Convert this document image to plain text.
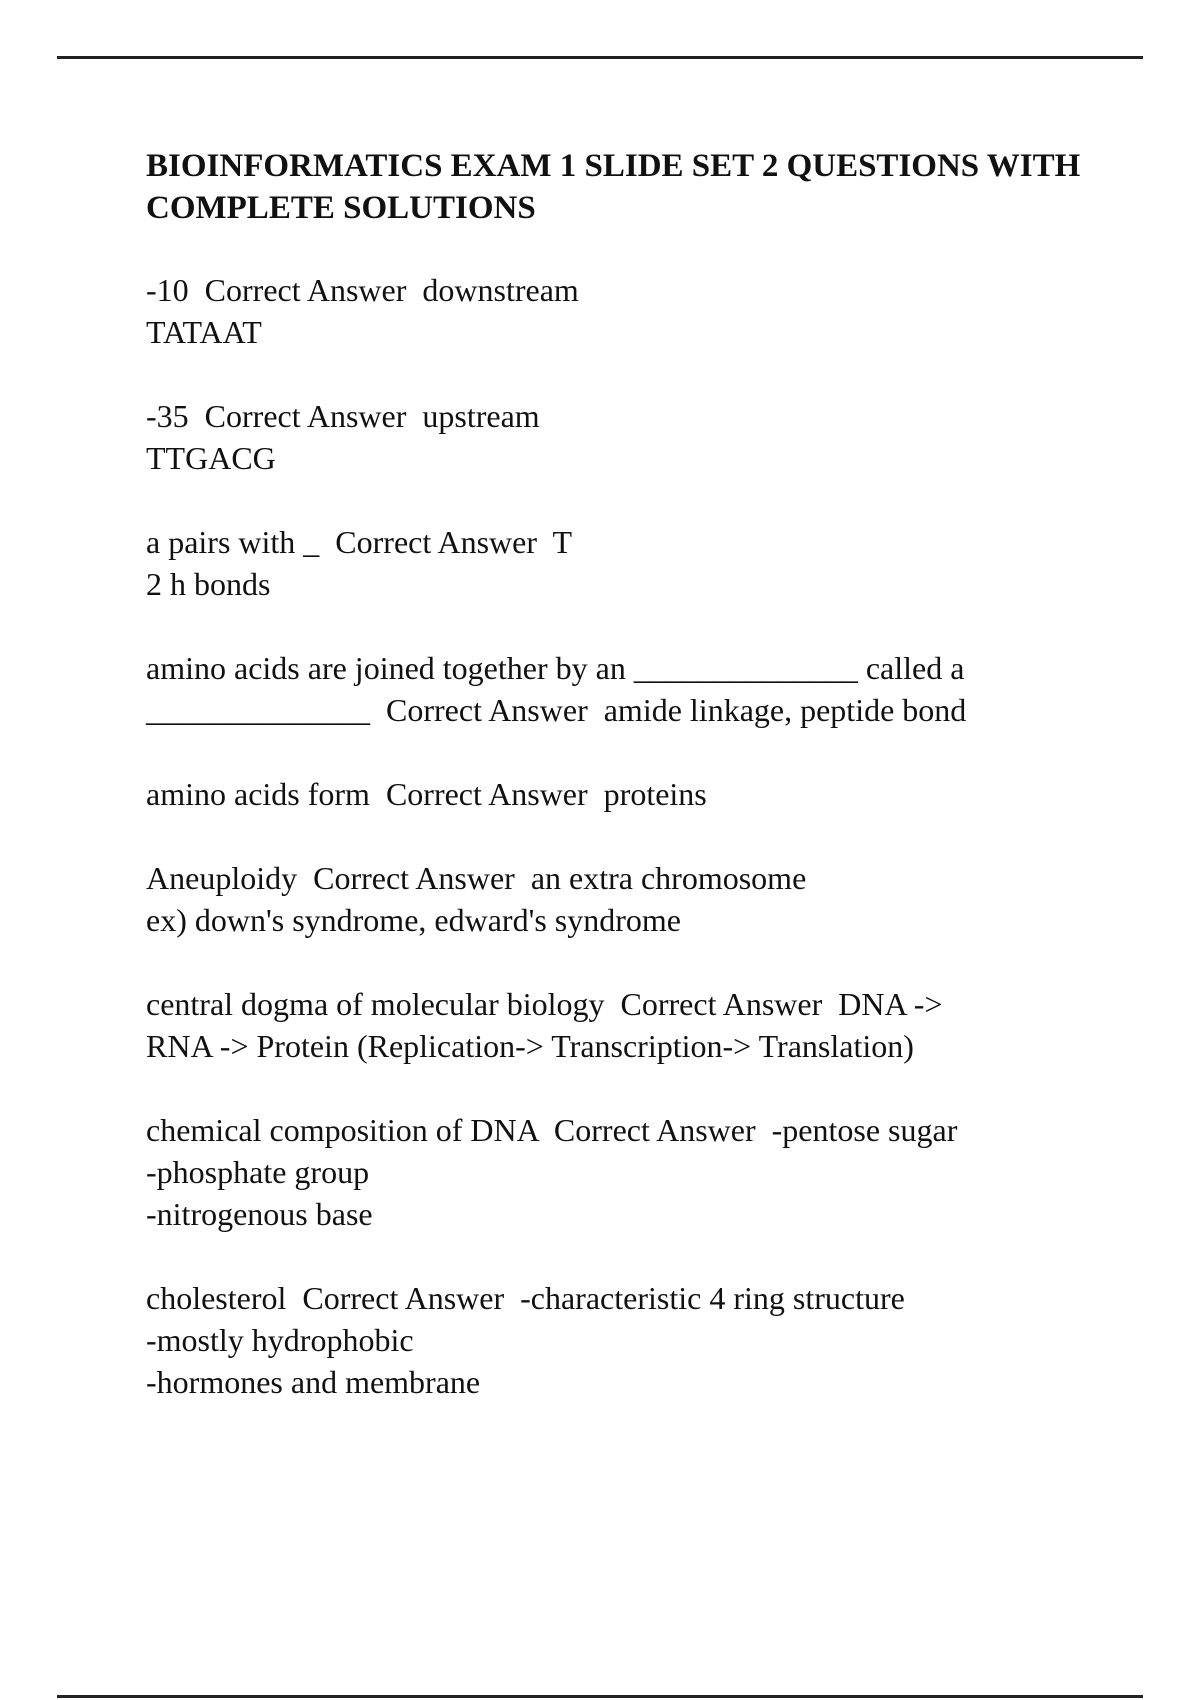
BIOINFORMATICS EXAM 1 SLIDE SET 2 QUESTIONS WITH COMPLETE SOLUTIONS
-10  Correct Answer  downstream
TATAAT
-35  Correct Answer  upstream
TTGACG
a pairs with _  Correct Answer  T
2 h bonds
amino acids are joined together by an ______________ called a
______________  Correct Answer  amide linkage, peptide bond
amino acids form  Correct Answer  proteins
Aneuploidy  Correct Answer  an extra chromosome
ex) down's syndrome, edward's syndrome
central dogma of molecular biology  Correct Answer  DNA ->
RNA -> Protein (Replication-> Transcription-> Translation)
chemical composition of DNA  Correct Answer  -pentose sugar
-phosphate group
-nitrogenous base
cholesterol  Correct Answer  -characteristic 4 ring structure
-mostly hydrophobic
-hormones and membrane
